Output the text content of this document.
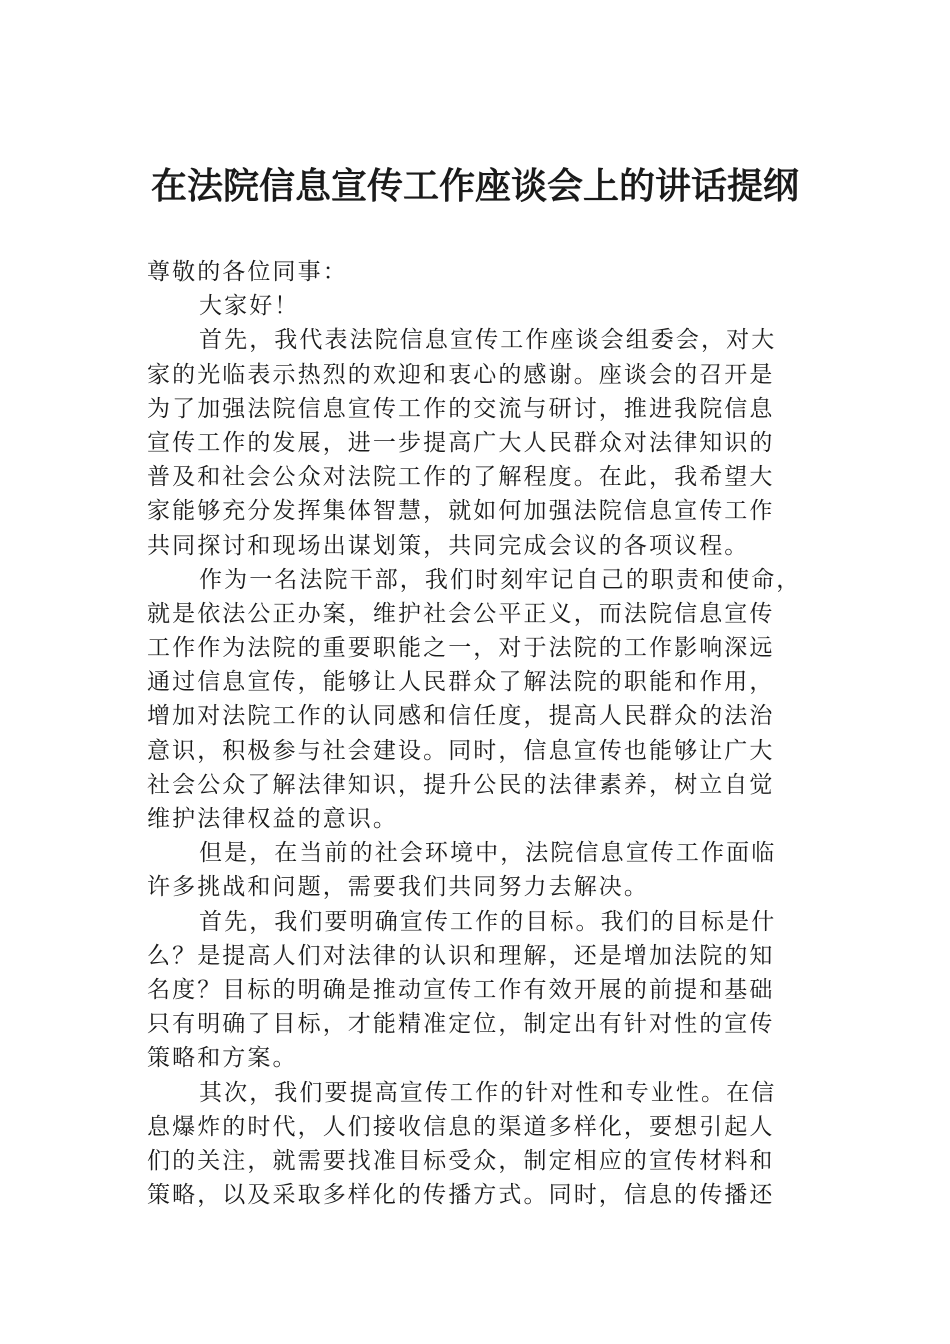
在法院信息宣传工作座谈会上的讲话提纲
尊敬的各位同事：
大家好！
首先，我代表法院信息宣传工作座谈会组委会，对大
家的光临表示热烈的欢迎和衷心的感谢。座谈会的召开是
为了加强法院信息宣传工作的交流与研讨，推进我院信息
宣传工作的发展，进一步提高广大人民群众对法律知识的
普及和社会公众对法院工作的了解程度。在此，我希望大
家能够充分发挥集体智慧，就如何加强法院信息宣传工作
共同探讨和现场出谋划策，共同完成会议的各项议程。
作为一名法院干部，我们时刻牢记自己的职责和使命，
就是依法公正办案，维护社会公平正义，而法院信息宣传
工作作为法院的重要职能之一，对于法院的工作影响深远
通过信息宣传，能够让人民群众了解法院的职能和作用，
增加对法院工作的认同感和信任度，提高人民群众的法治
意识，积极参与社会建设。同时，信息宣传也能够让广大
社会公众了解法律知识，提升公民的法律素养，树立自觉
维护法律权益的意识。
但是，在当前的社会环境中，法院信息宣传工作面临
许多挑战和问题，需要我们共同努力去解决。
首先，我们要明确宣传工作的目标。我们的目标是什
么？是提高人们对法律的认识和理解，还是增加法院的知
名度？目标的明确是推动宣传工作有效开展的前提和基础
只有明确了目标，才能精准定位，制定出有针对性的宣传
策略和方案。
其次，我们要提高宣传工作的针对性和专业性。在信
息爆炸的时代，人们接收信息的渠道多样化，要想引起人
们的关注，就需要找准目标受众，制定相应的宣传材料和
策略，以及采取多样化的传播方式。同时，信息的传播还
